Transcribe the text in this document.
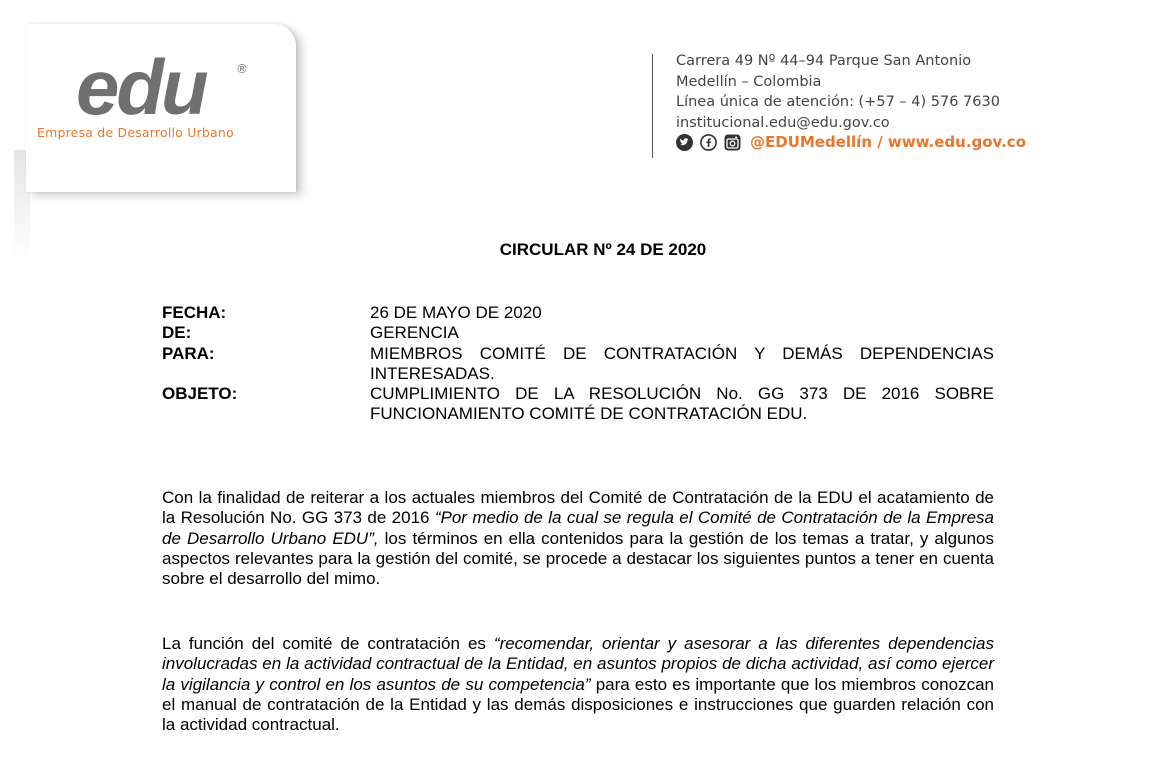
edu	®
Empresa de Desarrollo Urbano
Carrera 49 Nº 44–94 Parque San Antonio
Medellín – Colombia
Línea única de atención: (+57 – 4) 576 7630
institucional.edu@edu.gov.co
@EDUMedellín / www.edu.gov.co
CIRCULAR Nº 24 DE 2020
FECHA:	26 DE MAYO DE 2020
DE:	GERENCIA
PARA:	MIEMBROS COMITÉ DE CONTRATACIÓN Y DEMÁS DEPENDENCIAS INTERESADAS.
OBJETO:	CUMPLIMIENTO DE LA RESOLUCIÓN No. GG 373 DE 2016 SOBRE FUNCIONAMIENTO COMITÉ DE CONTRATACIÓN EDU.

Con la finalidad de reiterar a los actuales miembros del Comité de Contratación de la EDU el acatamiento de la Resolución No. GG 373 de 2016 “Por medio de la cual se regula el Comité de Contratación de la Empresa de Desarrollo Urbano EDU”, los términos en ella contenidos para la gestión de los temas a tratar, y algunos aspectos relevantes para la gestión del comité, se procede a destacar los siguientes puntos a tener en cuenta sobre el desarrollo del mimo.

La función del comité de contratación es “recomendar, orientar y asesorar a las diferentes dependencias involucradas en la actividad contractual de la Entidad, en asuntos propios de dicha actividad, así como ejercer la vigilancia y control en los asuntos de su competencia” para esto es importante que los miembros conozcan el manual de contratación de la Entidad y las demás disposiciones e instrucciones que guarden relación con la actividad contractual.
